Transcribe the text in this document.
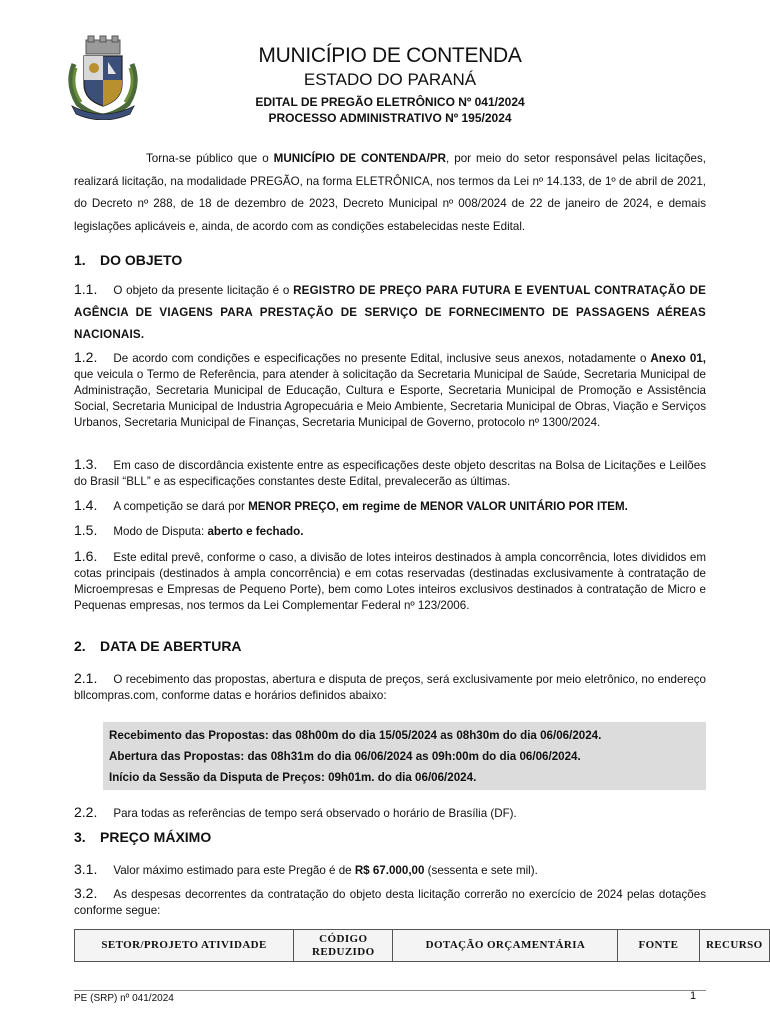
MUNICÍPIO DE CONTENDA
ESTADO DO PARANÁ
EDITAL DE PREGÃO ELETRÔNICO Nº 041/2024
PROCESSO ADMINISTRATIVO Nº 195/2024
Torna-se público que o MUNICÍPIO DE CONTENDA/PR, por meio do setor responsável pelas licitações, realizará licitação, na modalidade PREGÃO, na forma ELETRÔNICA, nos termos da Lei nº 14.133, de 1º de abril de 2021, do Decreto nº 288, de 18 de dezembro de 2023, Decreto Municipal nº 008/2024 de 22 de janeiro de 2024, e demais legislações aplicáveis e, ainda, de acordo com as condições estabelecidas neste Edital.
1. DO OBJETO
1.1. O objeto da presente licitação é o REGISTRO DE PREÇO PARA FUTURA E EVENTUAL CONTRATAÇÃO DE AGÊNCIA DE VIAGENS PARA PRESTAÇÃO DE SERVIÇO DE FORNECIMENTO DE PASSAGENS AÉREAS NACIONAIS.
1.2. De acordo com condições e especificações no presente Edital, inclusive seus anexos, notadamente o Anexo 01, que veicula o Termo de Referência, para atender à solicitação da Secretaria Municipal de Saúde, Secretaria Municipal de Administração, Secretaria Municipal de Educação, Cultura e Esporte, Secretaria Municipal de Promoção e Assistência Social, Secretaria Municipal de Industria Agropecuária e Meio Ambiente, Secretaria Municipal de Obras, Viação e Serviços Urbanos, Secretaria Municipal de Finanças, Secretaria Municipal de Governo, protocolo nº 1300/2024.
1.3. Em caso de discordância existente entre as especificações deste objeto descritas na Bolsa de Licitações e Leilões do Brasil “BLL” e as especificações constantes deste Edital, prevalecerão as últimas.
1.4. A competição se dará por MENOR PREÇO, em regime de MENOR VALOR UNITÁRIO POR ITEM.
1.5. Modo de Disputa: aberto e fechado.
1.6. Este edital prevê, conforme o caso, a divisão de lotes inteiros destinados à ampla concorrência, lotes divididos em cotas principais (destinados à ampla concorrência) e em cotas reservadas (destinadas exclusivamente à contratação de Microempresas e Empresas de Pequeno Porte), bem como Lotes inteiros exclusivos destinados à contratação de Micro e Pequenas empresas, nos termos da Lei Complementar Federal nº 123/2006.
2. DATA DE ABERTURA
2.1. O recebimento das propostas, abertura e disputa de preços, será exclusivamente por meio eletrônico, no endereço bllcompras.com, conforme datas e horários definidos abaixo:
Recebimento das Propostas: das 08h00m do dia 15/05/2024 as 08h30m do dia 06/06/2024.
Abertura das Propostas: das 08h31m do dia 06/06/2024 as 09h:00m do dia 06/06/2024.
Início da Sessão da Disputa de Preços: 09h01m. do dia 06/06/2024.
2.2. Para todas as referências de tempo será observado o horário de Brasília (DF).
3. PREÇO MÁXIMO
3.1. Valor máximo estimado para este Pregão é de R$ 67.000,00 (sessenta e sete mil).
3.2. As despesas decorrentes da contratação do objeto desta licitação correrão no exercício de 2024 pelas dotações conforme segue:
SETOR/PROJETO ATIVIDADE	CÓDIGO REDUZIDO	DOTAÇÃO ORÇAMENTÁRIA	FONTE	RECURSO
PE (SRP) nº 041/2024	1
